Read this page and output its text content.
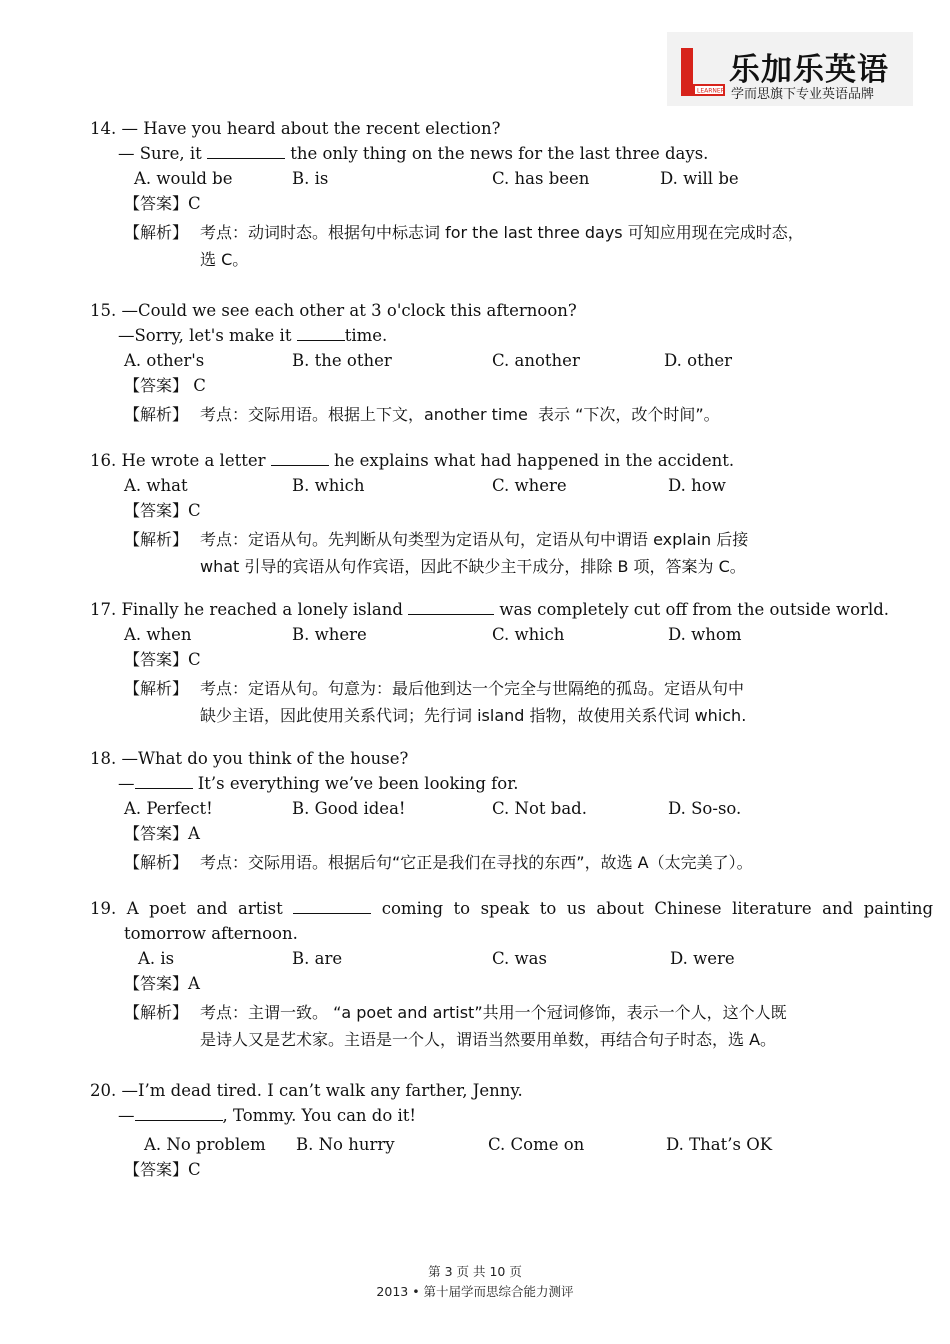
LEARNER
乐加乐英语
学而思旗下专业英语品牌
14. — Have you heard about the recent election?
— Sure, it	the only thing on the news for the last three days.
A. would be	B. is	C. has been	D. will be
【答案】C
【解析】 考点：动词时态。根据句中标志词 for the last three days 可知应用现在完成时态，
选 C。
15. —Could we see each other at 3 o'clock this afternoon?
—Sorry, let's make it	time.
A. other's	B. the other	C. another	D. other
【答案】 C
【解析】 考点：交际用语。根据上下文，another time  表示 “下次，改个时间”。
16. He wrote a letter	he explains what had happened in the accident.
A. what	B. which	C. where	D. how
【答案】C
【解析】 考点：定语从句。先判断从句类型为定语从句，定语从句中谓语 explain 后接
what 引导的宾语从句作宾语，因此不缺少主干成分，排除 B 项，答案为 C。
17. Finally he reached a lonely island	was completely cut off from the outside world.
A. when	B. where	C. which	D. whom
【答案】C
【解析】 考点：定语从句。句意为：最后他到达一个完全与世隔绝的孤岛。定语从句中
缺少主语，因此使用关系代词；先行词 island 指物，故使用关系代词 which.
18. —What do you think of the house?
—	It’s everything we’ve been looking for.
A. Perfect!	B. Good idea!	C. Not bad.	D. So-so.
【答案】A
【解析】 考点：交际用语。根据后句“它正是我们在寻找的东西”，故选 A（太完美了）。
19.  A  poet  and  artist	coming  to  speak  to  us  about  Chinese  literature  and  painting
tomorrow afternoon.
A. is	B. are	C. was	D. were
【答案】A
【解析】 考点：主谓一致。 “a poet and artist”共用一个冠词修饰，表示一个人，这个人既
是诗人又是艺术家。主语是一个人，谓语当然要用单数，再结合句子时态，选 A。
20. —I’m dead tired. I can’t walk any farther, Jenny.
—	, Tommy. You can do it!
A. No problem B. No hurry	C. Come on	D. That’s OK
【答案】C
第 3 页 共 10 页
2013 • 第十届学而思综合能力测评
